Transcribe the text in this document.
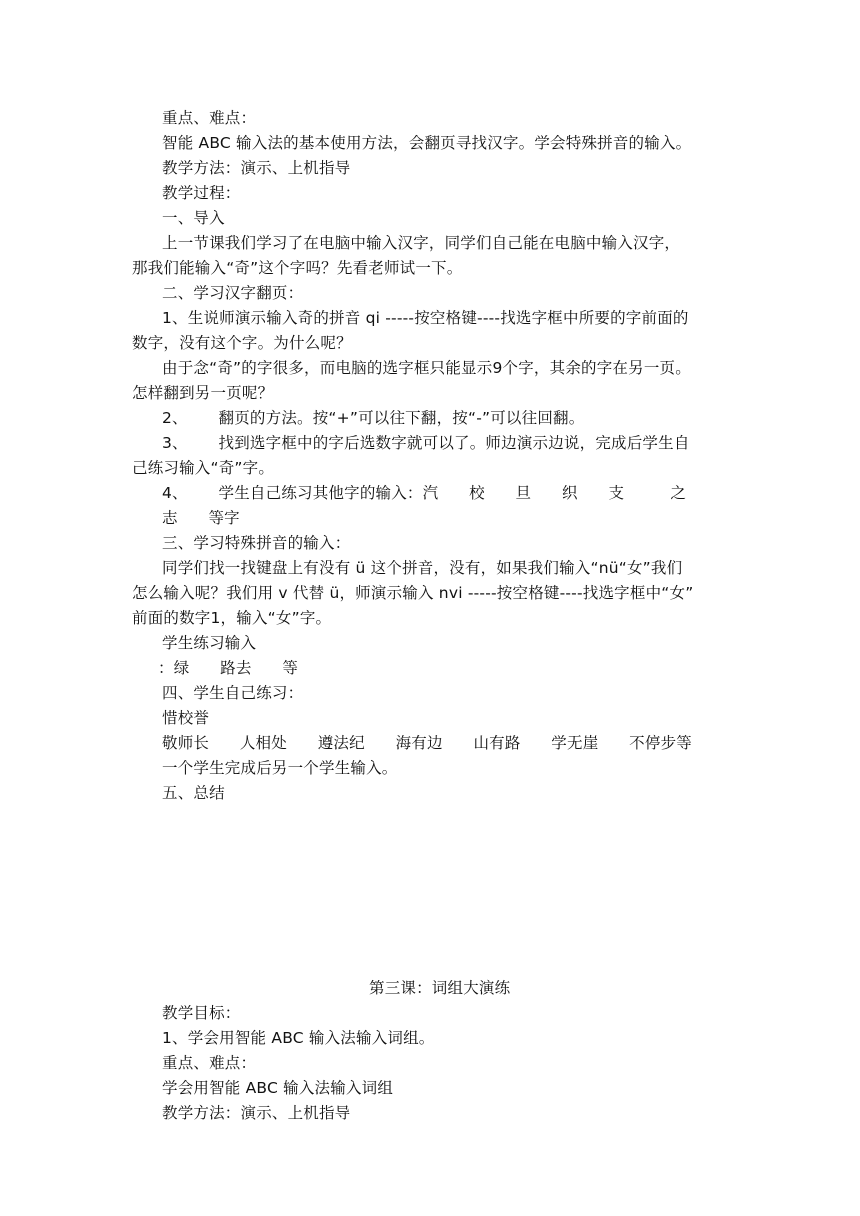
重点、难点：
智能 ABC 输入法的基本使用方法，会翻页寻找汉字。学会特殊拼音的输入。
教学方法：演示、上机指导
教学过程：
一、导入
上一节课我们学习了在电脑中输入汉字，同学们自己能在电脑中输入汉字，
那我们能输入“奇”这个字吗？先看老师试一下。
二、学习汉字翻页：
1、生说师演示输入奇的拼音 qi -----按空格键----找选字框中所要的字前面的
数字，没有这个字。为什么呢？
由于念“奇”的字很多，而电脑的选字框只能显示9个字，其余的字在另一页。
怎样翻到另一页呢？
2、      翻页的方法。按“+”可以往下翻，按“-”可以往回翻。
3、      找到选字框中的字后选数字就可以了。师边演示边说，完成后学生自
己练习输入“奇”字。
4、      学生自己练习其他字的输入：汽      校      旦      织      支         之
志      等字
三、学习特殊拼音的输入：
同学们找一找键盘上有没有 ü 这个拼音，没有，如果我们输入“nü“女”我们
怎么输入呢？我们用 v 代替 ü，师演示输入 nvi -----按空格键----找选字框中“女”
前面的数字1，输入“女”字。
学生练习输入
：绿      路去      等
四、学生自己练习：
惜校誉
敬师长      人相处      遵法纪      海有边      山有路      学无崖      不停步等
一个学生完成后另一个学生输入。
五、总结
第三课：词组大演练
教学目标：
1、学会用智能 ABC 输入法输入词组。
重点、难点：
学会用智能 ABC 输入法输入词组
教学方法：演示、上机指导
